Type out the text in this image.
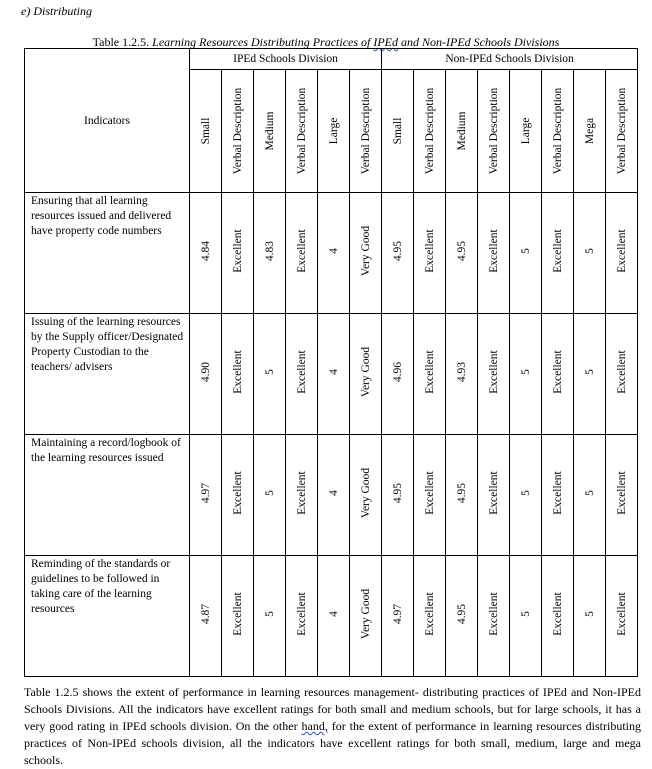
e) Distributing
Table 1.2.5. Learning Resources Distributing Practices of IPEd and Non-IPEd Schools Divisions
Indicators	IPEd Schools Division						Non-IPEd Schools Division							

	Small	Verbal Description	Medium	Verbal Description	Large	Verbal Description	Small	Verbal Description	Medium	Verbal Description	Large	Verbal Description	Mega	Verbal Description

Ensuring that all learning resources issued and delivered have property code numbers	4.84	Excellent	4.83	Excellent	4	Very Good	4.95	Excellent	4.95	Excellent	5	Excellent	5	Excellent

Issuing of the learning resources by the Supply officer/Designated Property Custodian to the teachers/ advisers	4.90	Excellent	5	Excellent	4	Very Good	4.96	Excellent	4.93	Excellent	5	Excellent	5	Excellent

Maintaining a record/logbook of the learning resources issued	4.97	Excellent	5	Excellent	4	Very Good	4.95	Excellent	4.95	Excellent	5	Excellent	5	Excellent

Reminding of the standards or guidelines to be followed in taking care of the learning resources	4.87	Excellent	5	Excellent	4	Very Good	4.97	Excellent	4.95	Excellent	5	Excellent	5	Excellent
Table 1.2.5 shows the extent of performance in learning resources management- distributing practices of IPEd and Non-IPEd Schools Divisions. All the indicators have excellent ratings for both small and medium schools, but for large schools, it has a very good rating in IPEd schools division. On the other hand, for the extent of performance in learning resources distributing practices of Non-IPEd schools division, all the indicators have excellent ratings for both small, medium, large and mega schools.
